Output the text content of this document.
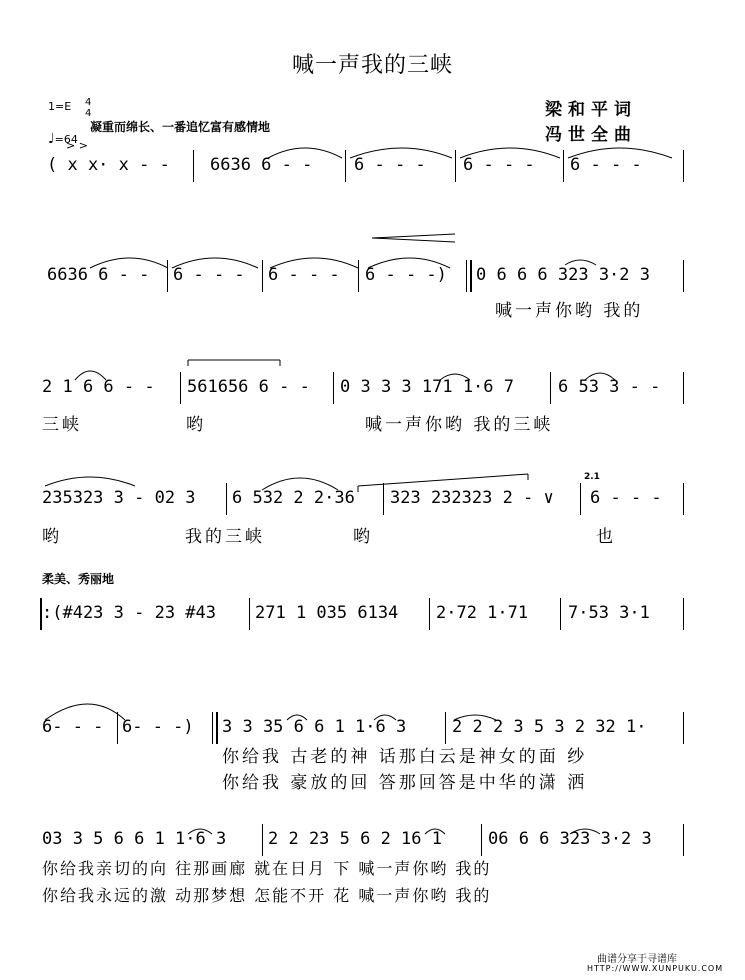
喊一声我的三峡
梁和平词
冯世全曲
1=E 4
4
凝重而绵长、一番追忆富有感情地
♩=64
> >
( x x· x - - 6636 6 - - 6 - - - 6 - - - 6 - - -
6636 6 - - 6 - - - 6 - - - 6 - - -) 0 6 6 6 323 3·2 3
喊一声你哟 我的
2 1 6 6 - - 561656 6 - - 0 3 3 3 171 1·6 7	6 53 3 - -
三峡	哟	喊一声你哟 我的三峡
235323 3 - 02 3 6 532 2 2·36 323 232323 2 - ∨ 6 - - -
2.1
哟	我的三峡	哟	也
柔美、秀丽地
:(#423 3 - 23 #43 271 1 035 6134 2·72 1·71 7·53 3·1
6- - - 6- - -) 3 3 35 6 6 1 1·6 3	2 2 2 3 5 3 2 32 1·
你给我 古老的神 话那白云是神女的面 纱
你给我 豪放的回 答那回答是中华的潇 洒
03 3 5 6 6 1 1·6 3 2 2 23 5 6 2 16 1	06 6 6 323 3·2 3
你给我亲切的向 往那画廊 就在日月 下 喊一声你哟 我的
你给我永远的激 动那梦想 怎能不开 花 喊一声你哟 我的
曲谱分享于寻谱库
HTTP://WWW.XUNPUKU.COM
